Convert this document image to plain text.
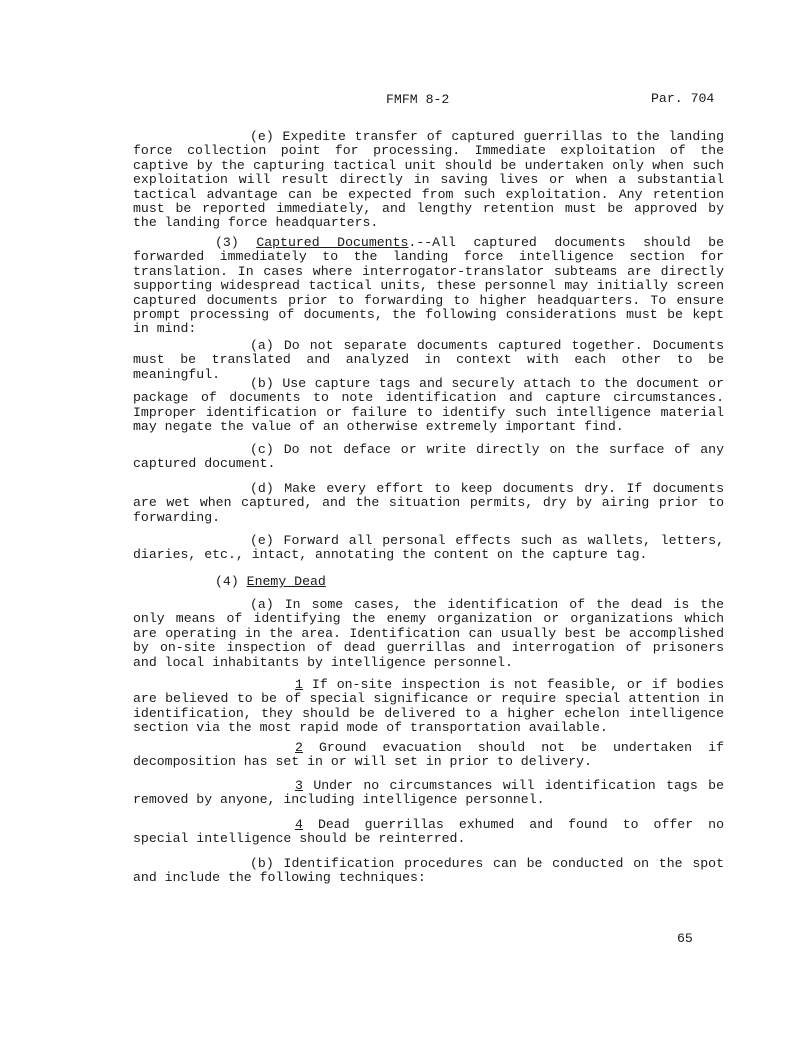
FMFM 8-2	Par. 704

(e) Expedite transfer of captured guerrillas to the landing force collection point for processing. Immediate exploitation of the captive by the capturing tactical unit should be undertaken only when such exploitation will result directly in saving lives or when a substantial tactical advantage can be expected from such exploitation. Any retention must be reported immediately, and lengthy retention must be approved by the landing force headquarters.

(3) Captured Documents.--All captured documents should be forwarded immediately to the landing force intelligence section for translation. In cases where interrogator-translator subteams are directly supporting widespread tactical units, these personnel may initially screen captured documents prior to forwarding to higher headquarters. To ensure prompt processing of documents, the following considerations must be kept in mind:

(a) Do not separate documents captured together. Documents must be translated and analyzed in context with each other to be meaningful.

(b) Use capture tags and securely attach to the document or package of documents to note identification and capture circumstances. Improper identification or failure to identify such intelligence material may negate the value of an otherwise extremely important find.

(c) Do not deface or write directly on the surface of any captured document.

(d) Make every effort to keep documents dry. If documents are wet when captured, and the situation permits, dry by airing prior to forwarding.

(e) Forward all personal effects such as wallets, letters, diaries, etc., intact, annotating the content on the capture tag.

(4) Enemy Dead

(a) In some cases, the identification of the dead is the only means of identifying the enemy organization or organizations which are operating in the area. Identification can usually best be accomplished by on-site inspection of dead guerrillas and interrogation of prisoners and local inhabitants by intelligence personnel.

1 If on-site inspection is not feasible, or if bodies are believed to be of special significance or require special attention in identification, they should be delivered to a higher echelon intelligence section via the most rapid mode of transportation available.

2 Ground evacuation should not be undertaken if decomposition has set in or will set in prior to delivery.

3 Under no circumstances will identification tags be removed by anyone, including intelligence personnel.

4 Dead guerrillas exhumed and found to offer no special intelligence should be reinterred.

(b) Identification procedures can be conducted on the spot and include the following techniques:

65
